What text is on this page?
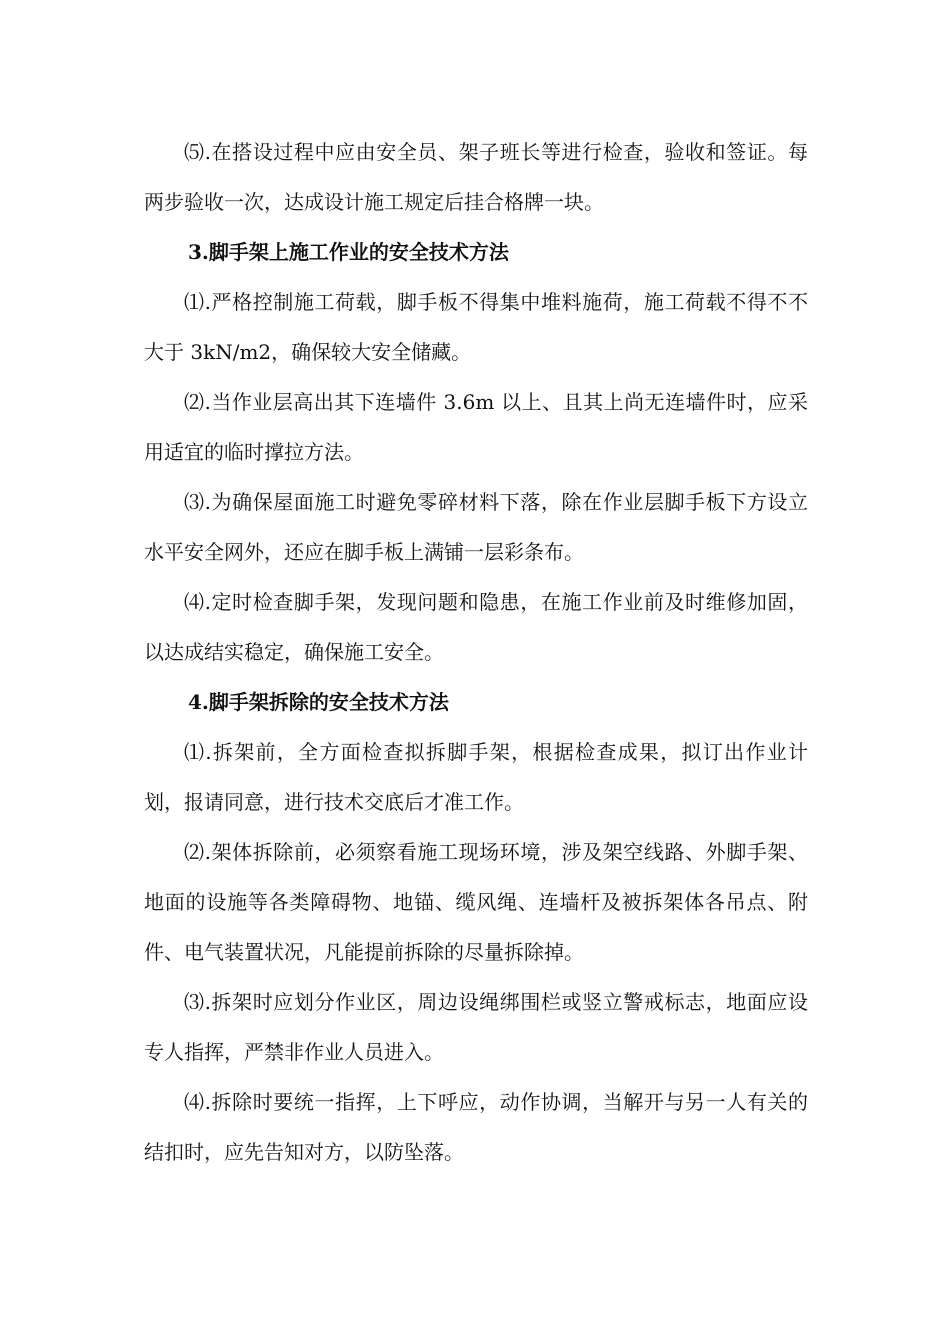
⑸.在搭设过程中应由安全员、架子班长等进行检查，验收和签证。每两步验收一次，达成设计施工规定后挂合格牌一块。

3.脚手架上施工作业的安全技术方法

⑴.严格控制施工荷载，脚手板不得集中堆料施荷，施工荷载不得不不大于 3kN/m2，确保较大安全储藏。

⑵.当作业层高出其下连墙件 3.6m 以上、且其上尚无连墙件时，应采用适宜的临时撑拉方法。

⑶.为确保屋面施工时避免零碎材料下落，除在作业层脚手板下方设立水平安全网外，还应在脚手板上满铺一层彩条布。

⑷.定时检查脚手架，发现问题和隐患，在施工作业前及时维修加固，以达成结实稳定，确保施工安全。

4.脚手架拆除的安全技术方法

⑴.拆架前，全方面检查拟拆脚手架，根据检查成果，拟订出作业计划，报请同意，进行技术交底后才准工作。

⑵.架体拆除前，必须察看施工现场环境，涉及架空线路、外脚手架、地面的设施等各类障碍物、地锚、缆风绳、连墙杆及被拆架体各吊点、附件、电气装置状况，凡能提前拆除的尽量拆除掉。

⑶.拆架时应划分作业区，周边设绳绑围栏或竖立警戒标志，地面应设专人指挥，严禁非作业人员进入。

⑷.拆除时要统一指挥，上下呼应，动作协调，当解开与另一人有关的结扣时，应先告知对方，以防坠落。
